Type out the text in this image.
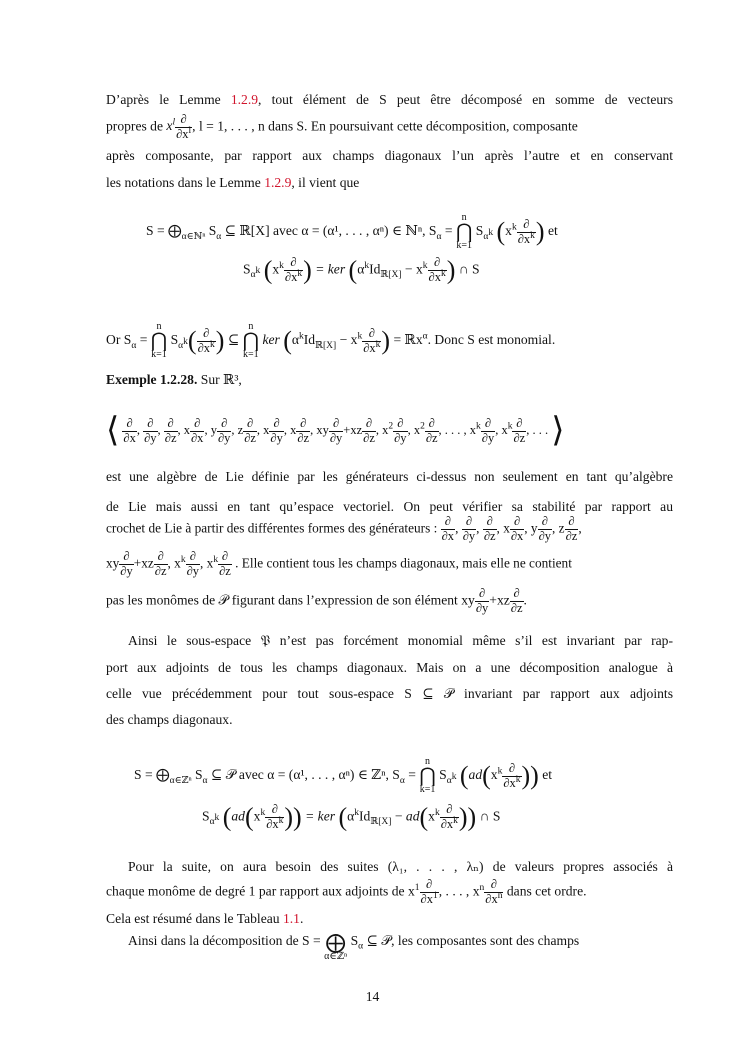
D’après le Lemme 1.2.9, tout élément de S peut être décomposé en somme de vecteurs
propres de $x^l \frac{\partial}{\partial x^l}$ , l = 1, . . . , n dans S. En poursuivant cette décomposition, composante
après composante, par rapport aux champs diagonaux l’un après l’autre et en conservant
les notations dans le Lemme 1.2.9, il vient que
$S = ⨁_{\alpha\in ℕ^n}$ $S_\alpha$ ⊆ ℝ[X] avec α = (α¹, . . . , αⁿ) ∈ ℕⁿ, $S_\alpha = n$
⋂
k=1 $S_{\alpha^k}$ ($x^k \frac{\partial}{\partial x^k}$ ) et
$S_{\alpha^k}$ ($x^k \frac{\partial}{\partial x^k}$ ) = ker ($\alpha^kId_{ℝ[X]} - x^k \frac{\partial}{\partial x^k}$ ) ∩ S
Or $S_\alpha = n$
⋂
k=1 $S_{\alpha^k}( \frac{\partial}{\partial x^k}$ ) ⊆ n
⋂
k=1 ker ($\alpha^kId_{ℝ[X]} - x^k \frac{\partial}{\partial x^k}$ ) = ℝx$^\alpha$. Donc S est monomial.
Exemple 1.2.28. Sur ℝ³,
⟨ $\frac{\partial}{\partial x}$ , $\frac{\partial}{\partial y}$ , $\frac{\partial}{\partial z}$ , x $\frac{\partial}{\partial x}$ , y $\frac{\partial}{\partial y}$ , z $\frac{\partial}{\partial z}$ , x $\frac{\partial}{\partial y}$ , x $\frac{\partial}{\partial z}$ , xy $\frac{\partial}{\partial y} +xz \frac{\partial}{\partial z}$ , $x^2 \frac{\partial}{\partial y}$ , $x^2 \frac{\partial}{\partial z}$ , . . . , $x^k \frac{\partial}{\partial y}$ , $x^k \frac{\partial}{\partial z}$ , . . . ⟩
est une algèbre de Lie définie par les générateurs ci-dessus non seulement en tant qu’algèbre
de Lie mais aussi en tant qu’espace vectoriel. On peut vérifier sa stabilité par rapport au
crochet de Lie à partir des différentes formes des générateurs : $\frac{\partial}{\partial x}$ , $\frac{\partial}{\partial y}$ , $\frac{\partial}{\partial z}$ , x $\frac{\partial}{\partial x}$ , y $\frac{\partial}{\partial y}$ , z $\frac{\partial}{\partial z}$ ,
xy $\frac{\partial}{\partial y} +xz \frac{\partial}{\partial z}$ , $x^k \frac{\partial}{\partial y}$ , $x^k \frac{\partial}{\partial z}$ . Elle contient tous les champs diagonaux, mais elle ne contient
pas les monômes de 𝒫 figurant dans l’expression de son élément xy $\frac{\partial}{\partial y} +xz \frac{\partial}{\partial z}$ .
Ainsi le sous-espace 𝔓 n’est pas forcément monomial même s’il est invariant par rap-
port aux adjoints de tous les champs diagonaux. Mais on a une décomposition analogue à
celle vue précédemment pour tout sous-espace S ⊆ 𝒫 invariant par rapport aux adjoints
des champs diagonaux.
$S = ⨁_{\alpha\in ℤ^n}$ $S_\alpha$ ⊆ 𝒫 avec α = (α¹, . . . , αⁿ) ∈ ℤⁿ, $S_\alpha = n$
⋂
k=1 $S_{\alpha^k}$ ($ad(x^k \frac{\partial}{\partial x^k}$ )) et
$S_{\alpha^k}$ ($ad(x^k \frac{\partial}{\partial x^k}$ )) = ker ($\alpha^kId_{ℝ[X]} - ad(x^k \frac{\partial}{\partial x^k}$ )) ∩ S
Pour la suite, on aura besoin des suites (λ₁, . . . , λₙ) de valeurs propres associés à
chaque monôme de degré 1 par rapport aux adjoints de $x^1 \frac{\partial}{\partial x^1}$ , . . . , $x^n \frac{\partial}{\partial x^n}$ dans cet ordre.
Cela est résumé dans le Tableau 1.1.
Ainsi dans la décomposition de S = ⨁
α∈ℤⁿ $S_\alpha$ ⊆ 𝒫, les composantes sont des champs
14
